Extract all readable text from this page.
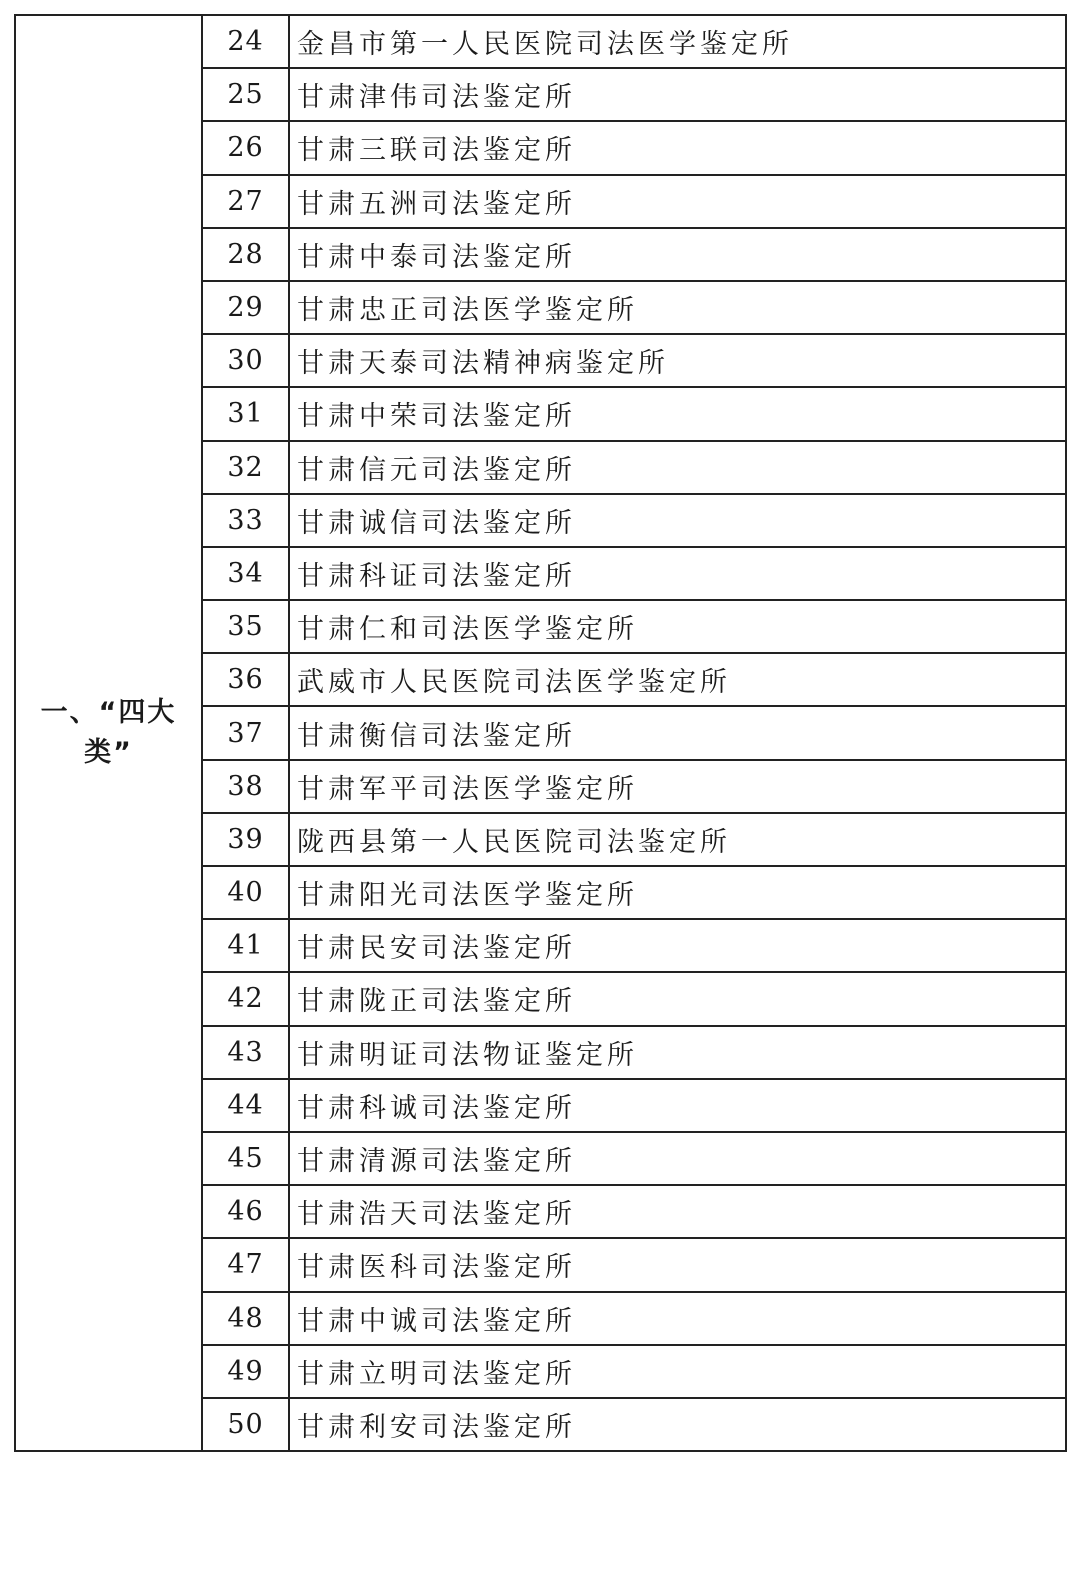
一、“四大
类”	24	金昌市第一人民医院司法医学鉴定所
	25	甘肃津伟司法鉴定所
	26	甘肃三联司法鉴定所
	27	甘肃五洲司法鉴定所
	28	甘肃中泰司法鉴定所
	29	甘肃忠正司法医学鉴定所
	30	甘肃天泰司法精神病鉴定所
	31	甘肃中荣司法鉴定所
	32	甘肃信元司法鉴定所
	33	甘肃诚信司法鉴定所
	34	甘肃科证司法鉴定所
	35	甘肃仁和司法医学鉴定所
	36	武威市人民医院司法医学鉴定所
	37	甘肃衡信司法鉴定所
	38	甘肃军平司法医学鉴定所
	39	陇西县第一人民医院司法鉴定所
	40	甘肃阳光司法医学鉴定所
	41	甘肃民安司法鉴定所
	42	甘肃陇正司法鉴定所
	43	甘肃明证司法物证鉴定所
	44	甘肃科诚司法鉴定所
	45	甘肃清源司法鉴定所
	46	甘肃浩天司法鉴定所
	47	甘肃医科司法鉴定所
	48	甘肃中诚司法鉴定所
	49	甘肃立明司法鉴定所
	50	甘肃利安司法鉴定所
